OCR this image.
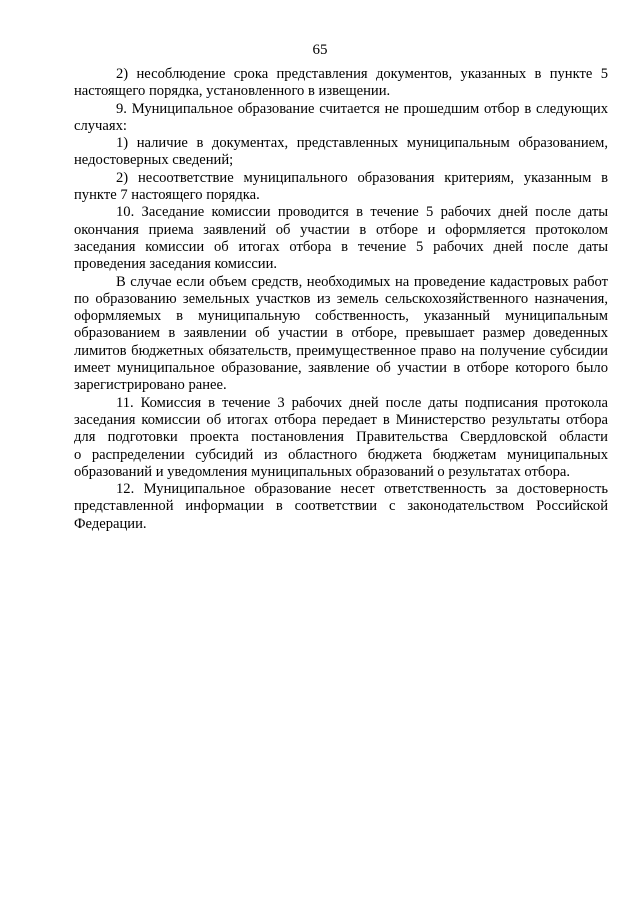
65

2) несоблюдение срока представления документов, указанных в пункте 5 настоящего порядка, установленного в извещении.

9. Муниципальное образование считается не прошедшим отбор в следующих случаях:

1) наличие в документах, представленных муниципальным образованием, недостоверных сведений;

2) несоответствие муниципального образования критериям, указанным в пункте 7 настоящего порядка.

10. Заседание комиссии проводится в течение 5 рабочих дней после даты окончания приема заявлений об участии в отборе и оформляется протоколом заседания комиссии об итогах отбора в течение 5 рабочих дней после даты проведения заседания комиссии.

В случае если объем средств, необходимых на проведение кадастровых работ по образованию земельных участков из земель сельскохозяйственного назначения, оформляемых в муниципальную собственность, указанный муниципальным образованием в заявлении об участии в отборе, превышает размер доведенных лимитов бюджетных обязательств, преимущественное право на получение субсидии имеет муниципальное образование, заявление об участии в отборе которого было зарегистрировано ранее.

11. Комиссия в течение 3 рабочих дней после даты подписания протокола заседания комиссии об итогах отбора передает в Министерство результаты отбора для подготовки проекта постановления Правительства Свердловской области о распределении субсидий из областного бюджета бюджетам муниципальных образований и уведомления муниципальных образований о результатах отбора.

12. Муниципальное образование несет ответственность за достоверность представленной информации в соответствии с законодательством Российской Федерации.
